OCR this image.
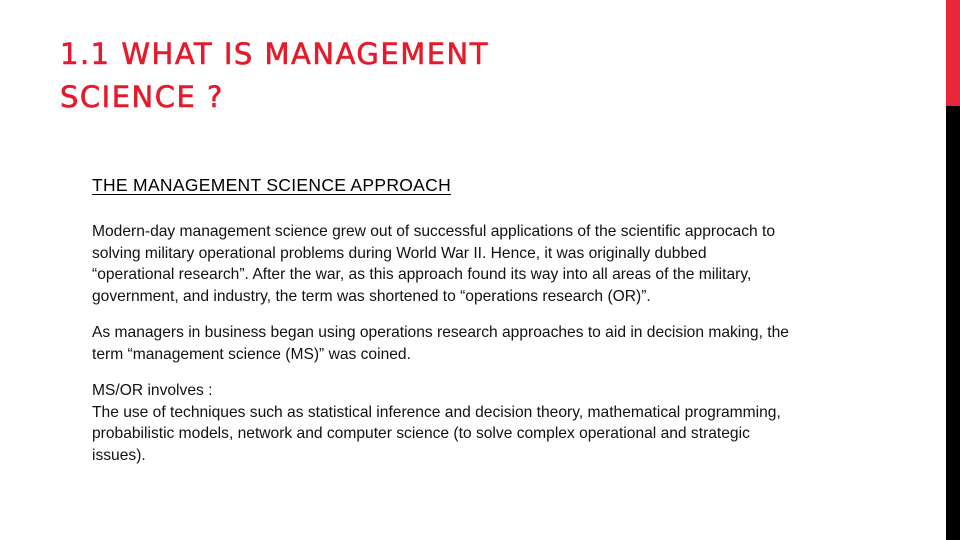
1.1 WHAT IS MANAGEMENT
SCIENCE ?

THE MANAGEMENT SCIENCE APPROACH

Modern-day management science grew out of successful applications of the scientific approcach to
solving military operational problems during World War II. Hence, it was originally dubbed
“operational research”. After the war, as this approach found its way into all areas of the military,
government, and industry, the term was shortened to “operations research (OR)”.

As managers in business began using operations research approaches to aid in decision making, the
term “management science (MS)” was coined.

MS/OR involves :
The use of techniques such as statistical inference and decision theory, mathematical programming,
probabilistic models, network and computer science (to solve complex operational and strategic
issues).
